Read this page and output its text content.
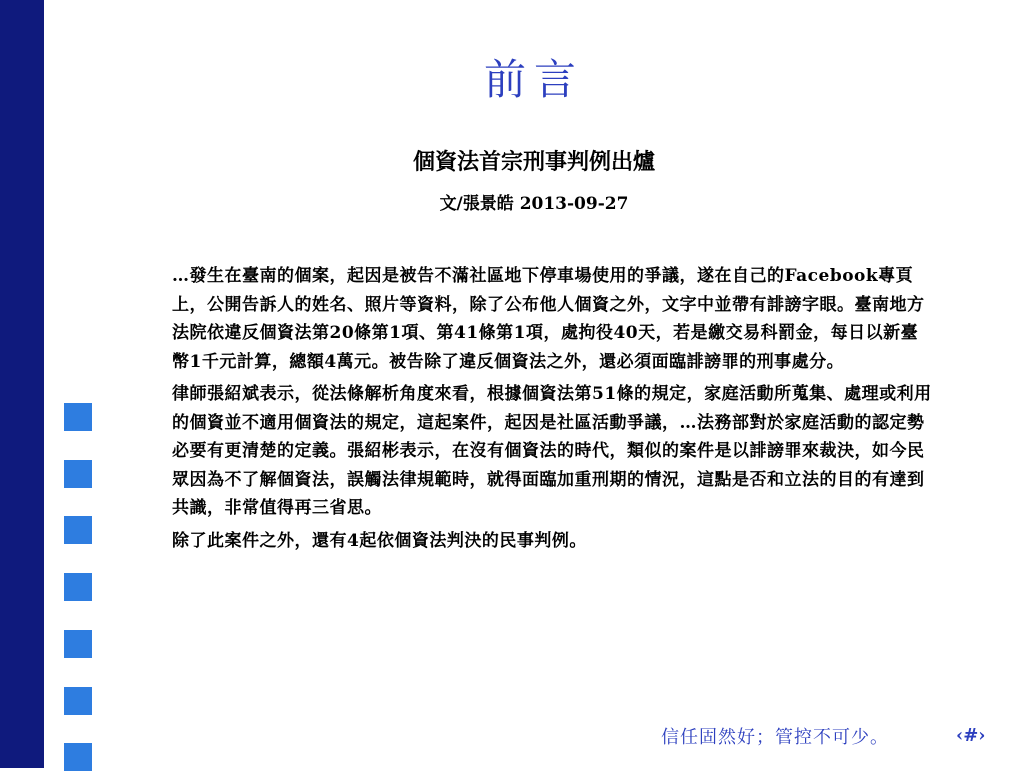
前言
個資法首宗刑事判例出爐
文/張景皓 2013-09-27

…發生在臺南的個案，起因是被告不滿社區地下停車場使用的爭議，遂在自己的Facebook專頁上，公開告訴人的姓名、照片等資料，除了公布他人個資之外，文字中並帶有誹謗字眼。臺南地方法院依違反個資法第20條第1項、第41條第1項，處拘役40天，若是繳交易科罰金，每日以新臺幣1千元計算，總額4萬元。被告除了違反個資法之外，還必須面臨誹謗罪的刑事處分。

律師張紹斌表示，從法條解析角度來看，根據個資法第51條的規定，家庭活動所蒐集、處理或利用的個資並不適用個資法的規定，這起案件，起因是社區活動爭議，…法務部對於家庭活動的認定勢必要有更清楚的定義。張紹彬表示，在沒有個資法的時代，類似的案件是以誹謗罪來裁決，如今民眾因為不了解個資法，誤觸法律規範時，就得面臨加重刑期的情況，這點是否和立法的目的有達到共識，非常值得再三省思。

除了此案件之外，還有4起依個資法判決的民事判例。

信任固然好；管控不可少。	‹#›
